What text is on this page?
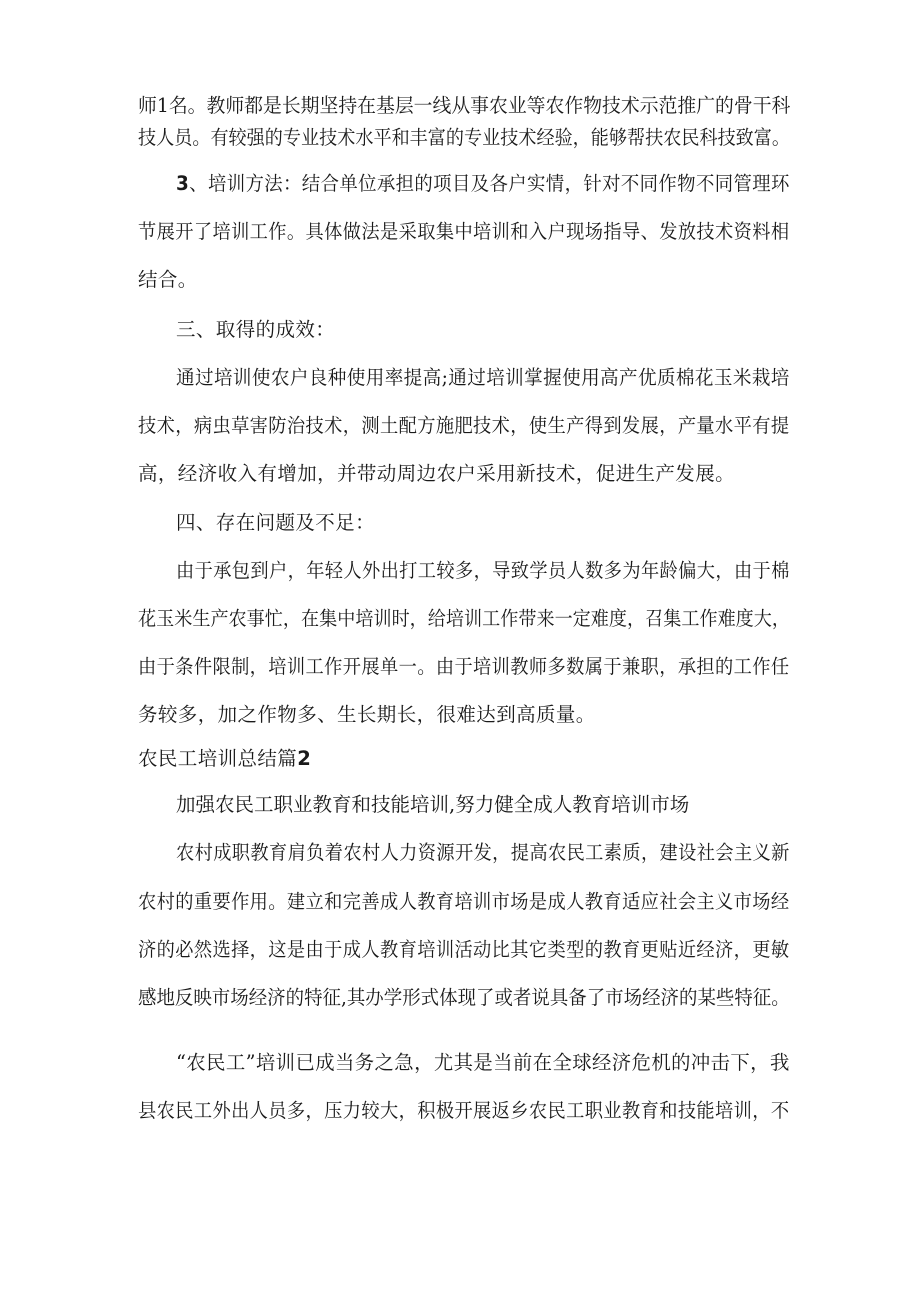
师1名。教师都是长期坚持在基层一线从事农业等农作物技术示范推广的骨干科
技人员。有较强的专业技术水平和丰富的专业技术经验，能够帮扶农民科技致富。
3、培训方法：结合单位承担的项目及各户实情，针对不同作物不同管理环
节展开了培训工作。具体做法是采取集中培训和入户现场指导、发放技术资料相
结合。
三、取得的成效：
通过培训使农户良种使用率提高;通过培训掌握使用高产优质棉花玉米栽培
技术，病虫草害防治技术，测土配方施肥技术，使生产得到发展，产量水平有提
高，经济收入有增加，并带动周边农户采用新技术，促进生产发展。
四、存在问题及不足：
由于承包到户，年轻人外出打工较多，导致学员人数多为年龄偏大，由于棉
花玉米生产农事忙，在集中培训时，给培训工作带来一定难度，召集工作难度大，
由于条件限制，培训工作开展单一。由于培训教师多数属于兼职，承担的工作任
务较多，加之作物多、生长期长，很难达到高质量。
农民工培训总结篇2
加强农民工职业教育和技能培训,努力健全成人教育培训市场
农村成职教育肩负着农村人力资源开发，提高农民工素质，建设社会主义新
农村的重要作用。建立和完善成人教育培训市场是成人教育适应社会主义市场经
济的必然选择，这是由于成人教育培训活动比其它类型的教育更贴近经济，更敏
感地反映市场经济的特征,其办学形式体现了或者说具备了市场经济的某些特征。
“农民工”培训已成当务之急，尤其是当前在全球经济危机的冲击下，我
县农民工外出人员多，压力较大，积极开展返乡农民工职业教育和技能培训，不
